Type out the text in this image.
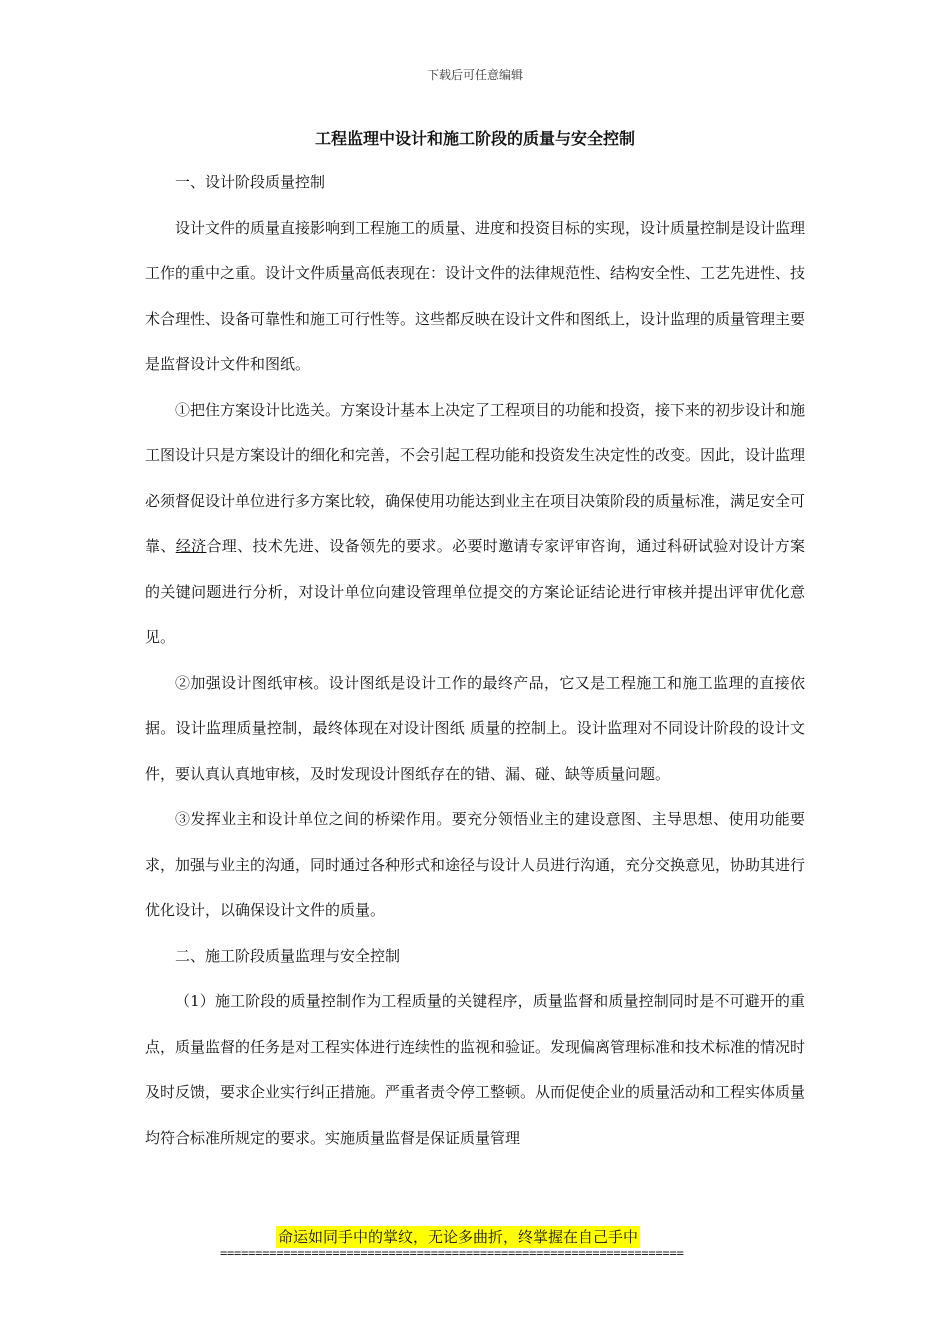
下载后可任意编辑
工程监理中设计和施工阶段的质量与安全控制

一、设计阶段质量控制

设计文件的质量直接影响到工程施工的质量、进度和投资目标的实现，设计质量控制是设计监理工作的重中之重。设计文件质量高低表现在：设计文件的法律规范性、结构安全性、工艺先进性、技术合理性、设备可靠性和施工可行性等。这些都反映在设计文件和图纸上，设计监理的质量管理主要是监督设计文件和图纸。

①把住方案设计比选关。方案设计基本上决定了工程项目的功能和投资，接下来的初步设计和施工图设计只是方案设计的细化和完善，不会引起工程功能和投资发生决定性的改变。因此，设计监理必须督促设计单位进行多方案比较，确保使用功能达到业主在项目决策阶段的质量标准，满足安全可靠、经济合理、技术先进、设备领先的要求。必要时邀请专家评审咨询，通过科研试验对设计方案的关键问题进行分析，对设计单位向建设管理单位提交的方案论证结论进行审核并提出评审优化意见。

②加强设计图纸审核。设计图纸是设计工作的最终产品，它又是工程施工和施工监理的直接依据。设计监理质量控制，最终体现在对设计图纸 质量的控制上。设计监理对不同设计阶段的设计文件，要认真认真地审核，及时发现设计图纸存在的错、漏、碰、缺等质量问题。

③发挥业主和设计单位之间的桥梁作用。要充分领悟业主的建设意图、主导思想、使用功能要求，加强与业主的沟通，同时通过各种形式和途径与设计人员进行沟通，充分交换意见，协助其进行优化设计，以确保设计文件的质量。

二、施工阶段质量监理与安全控制

（1）施工阶段的质量控制作为工程质量的关键程序，质量监督和质量控制同时是不可避开的重点，质量监督的任务是对工程实体进行连续性的监视和验证。发现偏离管理标准和技术标准的情况时及时反馈，要求企业实行纠正措施。严重者责令停工整顿。从而促使企业的质量活动和工程实体质量均符合标准所规定的要求。实施质量监督是保证质量管理

命运如同手中的掌纹，无论多曲折，终掌握在自己手中
==================================================================
